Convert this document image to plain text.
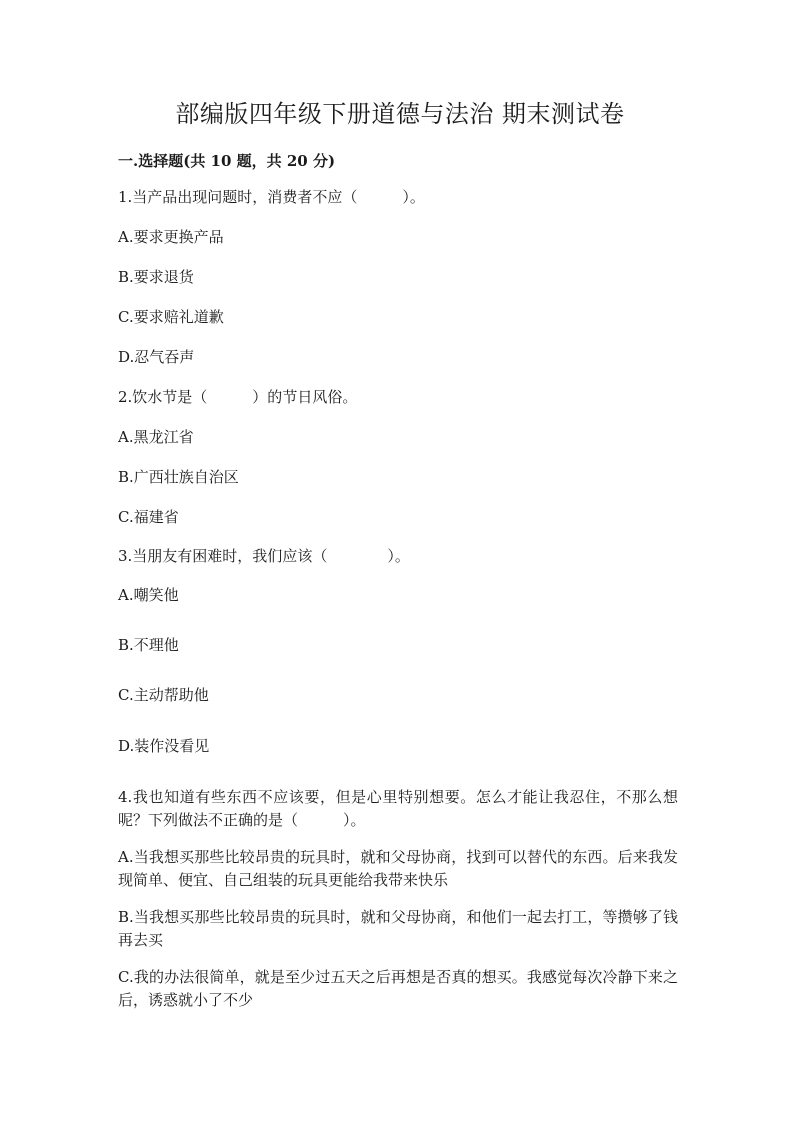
部编版四年级下册道德与法治 期末测试卷
一.选择题(共 10 题，共 20 分)
1.当产品出现问题时，消费者不应（　　　）。
A.要求更换产品
B.要求退货
C.要求赔礼道歉
D.忍气吞声
2.饮水节是（　　　）的节日风俗。
A.黑龙江省
B.广西壮族自治区
C.福建省
3.当朋友有困难时，我们应该（　　　　）。
A.嘲笑他
B.不理他
C.主动帮助他
D.装作没看见
4.我也知道有些东西不应该要，但是心里特别想要。怎么才能让我忍住，不那么想呢？下列做法不正确的是（　　　）。
A.当我想买那些比较昂贵的玩具时，就和父母协商，找到可以替代的东西。后来我发现简单、便宜、自己组装的玩具更能给我带来快乐
B.当我想买那些比较昂贵的玩具时，就和父母协商，和他们一起去打工，等攒够了钱再去买
C.我的办法很简单，就是至少过五天之后再想是否真的想买。我感觉每次冷静下来之后，诱惑就小了不少
